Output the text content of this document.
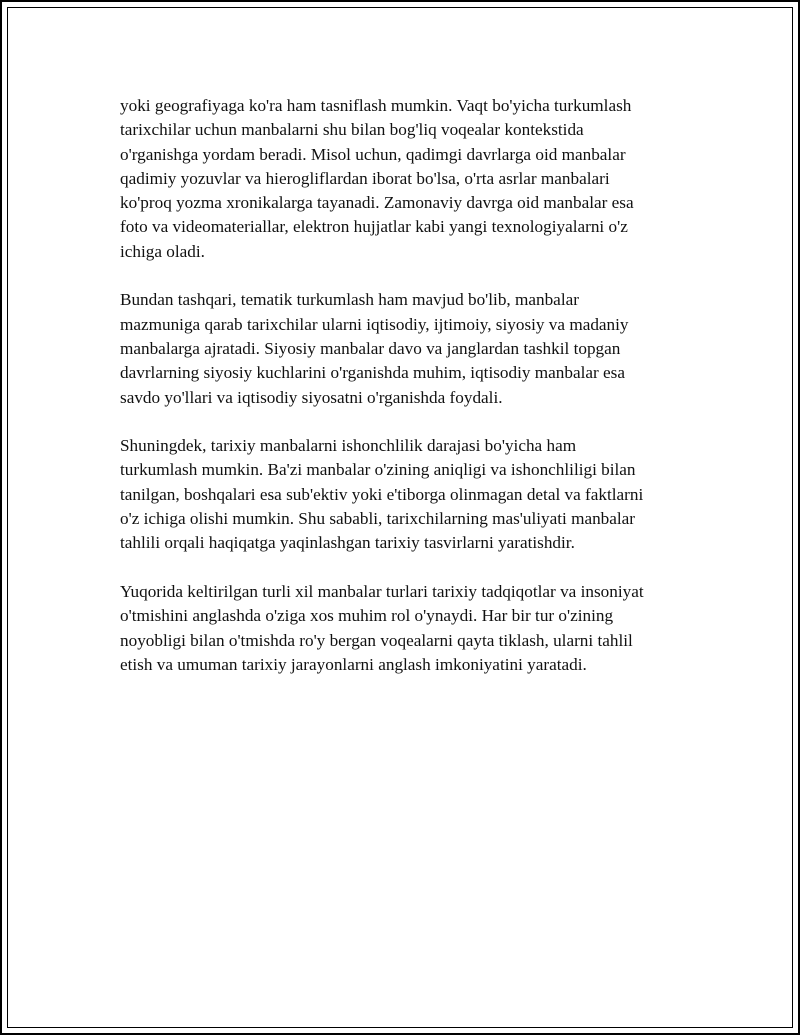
yoki geografiyaga ko'ra ham tasniflash mumkin. Vaqt bo'yicha turkumlash
tarixchilar uchun manbalarni shu bilan bog'liq voqealar kontekstida
o'rganishga yordam beradi. Misol uchun, qadimgi davrlarga oid manbalar
qadimiy yozuvlar va hierogliflardan iborat bo'lsa, o'rta asrlar manbalari
ko'proq yozma xronikalarga tayanadi. Zamonaviy davrga oid manbalar esa
foto va videomateriallar, elektron hujjatlar kabi yangi texnologiyalarni o'z
ichiga oladi.

Bundan tashqari, tematik turkumlash ham mavjud bo'lib, manbalar
mazmuniga qarab tarixchilar ularni iqtisodiy, ijtimoiy, siyosiy va madaniy
manbalarga ajratadi. Siyosiy manbalar davo va janglardan tashkil topgan
davrlarning siyosiy kuchlarini o'rganishda muhim, iqtisodiy manbalar esa
savdo yo'llari va iqtisodiy siyosatni o'rganishda foydali.

Shuningdek, tarixiy manbalarni ishonchlilik darajasi bo'yicha ham
turkumlash mumkin. Ba'zi manbalar o'zining aniqligi va ishonchliligi bilan
tanilgan, boshqalari esa sub'ektiv yoki e'tiborga olinmagan detal va faktlarni
o'z ichiga olishi mumkin. Shu sababli, tarixchilarning mas'uliyati manbalar
tahlili orqali haqiqatga yaqinlashgan tarixiy tasvirlarni yaratishdir.

Yuqorida keltirilgan turli xil manbalar turlari tarixiy tadqiqotlar va insoniyat
o'tmishini anglashda o'ziga xos muhim rol o'ynaydi. Har bir tur o'zining
noyobligi bilan o'tmishda ro'y bergan voqealarni qayta tiklash, ularni tahlil
etish va umuman tarixiy jarayonlarni anglash imkoniyatini yaratadi.
